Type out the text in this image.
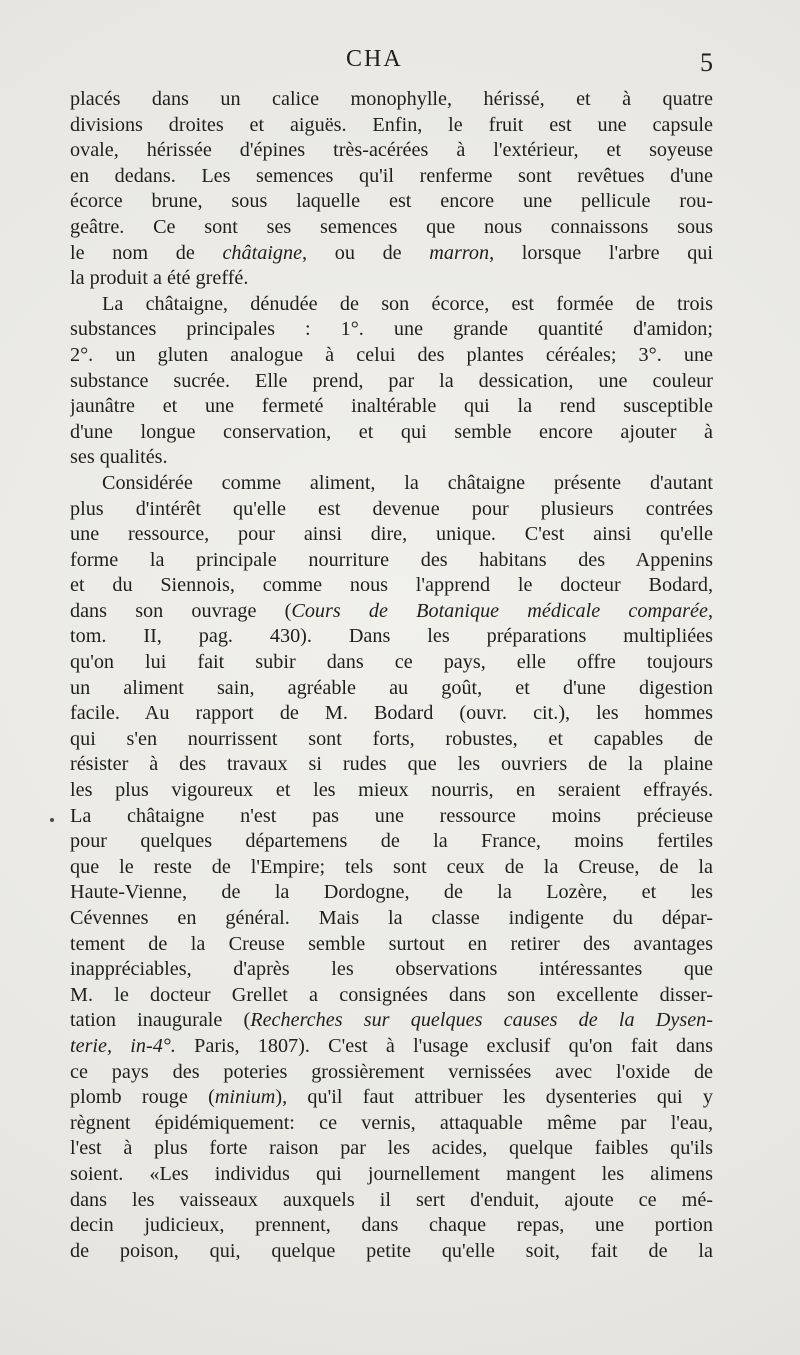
CHA	5
placés dans un calice monophylle, hérissé, et à quatre
divisions droites et aiguës. Enfin, le fruit est une capsule
ovale, hérissée d'épines très-acérées à l'extérieur, et soyeuse
en dedans. Les semences qu'il renferme sont revêtues d'une
écorce brune, sous laquelle est encore une pellicule rou-
geâtre. Ce sont ses semences que nous connaissons sous
le nom de châtaigne, ou de marron, lorsque l'arbre qui
la produit a été greffé.
La châtaigne, dénudée de son écorce, est formée de trois
substances principales : 1°. une grande quantité d'amidon;
2°. un gluten analogue à celui des plantes céréales; 3°. une
substance sucrée. Elle prend, par la dessication, une couleur
jaunâtre et une fermeté inaltérable qui la rend susceptible
d'une longue conservation, et qui semble encore ajouter à
ses qualités.
Considérée comme aliment, la châtaigne présente d'autant
plus d'intérêt qu'elle est devenue pour plusieurs contrées
une ressource, pour ainsi dire, unique. C'est ainsi qu'elle
forme la principale nourriture des habitans des Appenins
et du Siennois, comme nous l'apprend le docteur Bodard,
dans son ouvrage (Cours de Botanique médicale comparée,
tom. II, pag. 430). Dans les préparations multipliées
qu'on lui fait subir dans ce pays, elle offre toujours
un aliment sain, agréable au goût, et d'une digestion
facile. Au rapport de M. Bodard (ouvr. cit.), les hommes
qui s'en nourrissent sont forts, robustes, et capables de
résister à des travaux si rudes que les ouvriers de la plaine
les plus vigoureux et les mieux nourris, en seraient effrayés.
La châtaigne n'est pas une ressource moins précieuse
pour quelques départemens de la France, moins fertiles
que le reste de l'Empire; tels sont ceux de la Creuse, de la
Haute-Vienne, de la Dordogne, de la Lozère, et les
Cévennes en général. Mais la classe indigente du dépar-
tement de la Creuse semble surtout en retirer des avantages
inappréciables, d'après les observations intéressantes que
M. le docteur Grellet a consignées dans son excellente disser-
tation inaugurale (Recherches sur quelques causes de la Dysen-
terie, in-4°. Paris, 1807). C'est à l'usage exclusif qu'on fait dans
ce pays des poteries grossièrement vernissées avec l'oxide de
plomb rouge (minium), qu'il faut attribuer les dysenteries qui y
règnent épidémiquement: ce vernis, attaquable même par l'eau,
l'est à plus forte raison par les acides, quelque faibles qu'ils
soient. «Les individus qui journellement mangent les alimens
dans les vaisseaux auxquels il sert d'enduit, ajoute ce mé-
decin judicieux, prennent, dans chaque repas, une portion
de poison, qui, quelque petite qu'elle soit, fait de la
